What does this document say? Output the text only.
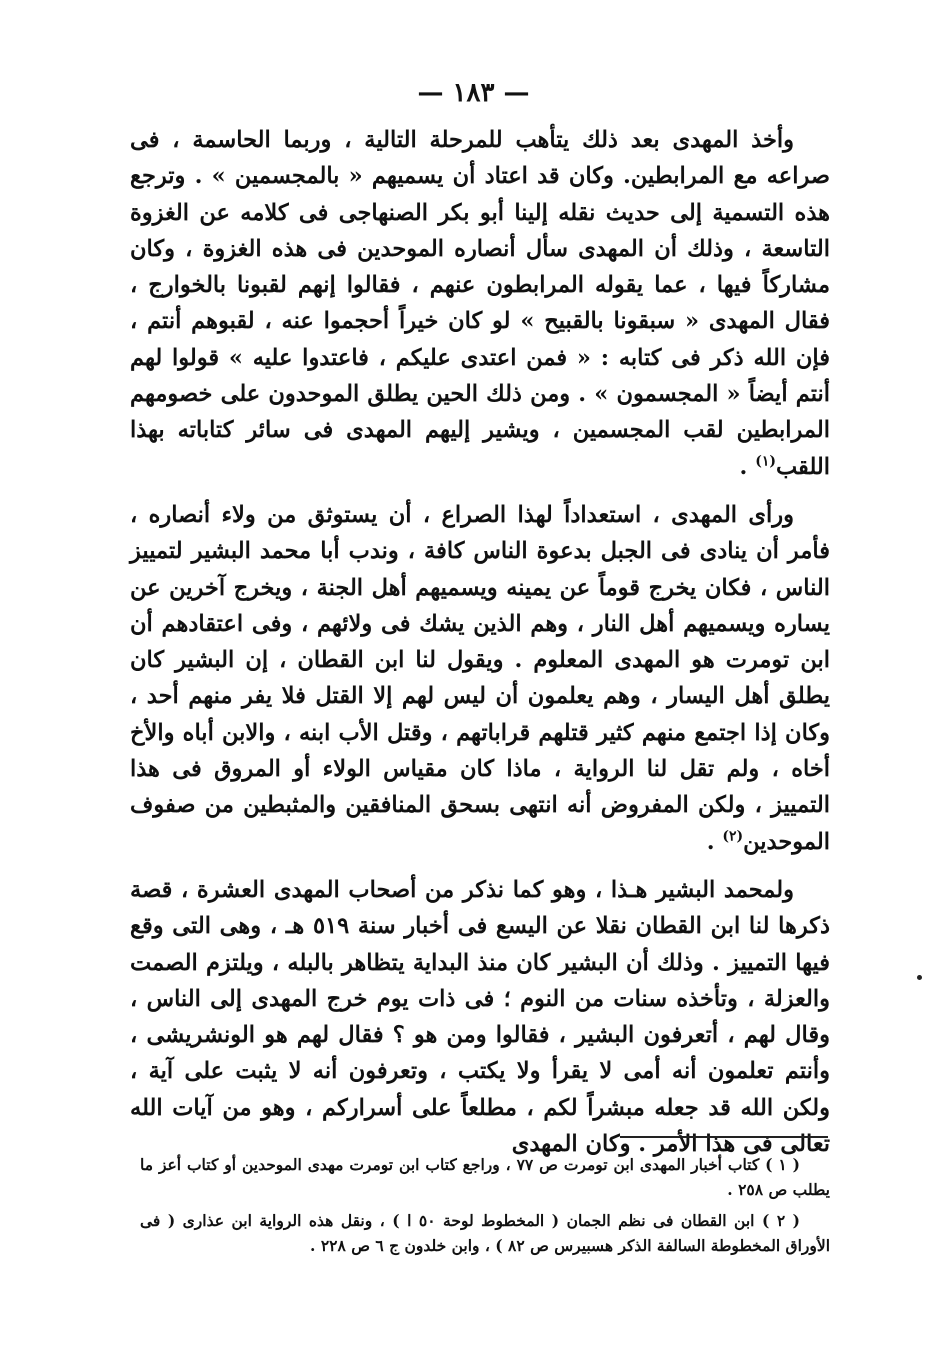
— ١٨٣ —

وأخذ المهدى بعد ذلك يتأهب للمرحلة التالية ، وربما الحاسمة ، فى صراعه مع المرابطين. وكان قد اعتاد أن يسميهم « بالمجسمين » . وترجع هذه التسمية إلى حديث نقله إلينا أبو بكر الصنهاجى فى كلامه عن الغزوة التاسعة ، وذلك أن المهدى سأل أنصاره الموحدين فى هذه الغزوة ، وكان مشاركاً فيها ، عما يقوله المرابطون عنهم ، فقالوا إنهم لقبونا بالخوارج ، فقال المهدى « سبقونا بالقبيح » لو كان خيراً أحجموا عنه ، لقبوهم أنتم ، فإن الله ذكر فى كتابه : « فمن اعتدى عليكم ، فاعتدوا عليه » قولوا لهم أنتم أيضاً « المجسمون » . ومن ذلك الحين يطلق الموحدون على خصومهم المرابطين لقب المجسمين ، ويشير إليهم المهدى فى سائر كتاباته بهذا اللقب$^{(١)}$ .

ورأى المهدى ، استعداداً لهذا الصراع ، أن يستوثق من ولاء أنصاره ، فأمر أن ينادى فى الجبل بدعوة الناس كافة ، وندب أبا محمد البشير لتمييز الناس ، فكان يخرج قوماً عن يمينه ويسميهم أهل الجنة ، ويخرج آخرين عن يساره ويسميهم أهل النار ، وهم الذين يشك فى ولائهم ، وفى اعتقادهم أن ابن تومرت هو المهدى المعلوم . ويقول لنا ابن القطان ، إن البشير كان يطلق أهل اليسار ، وهم يعلمون أن ليس لهم إلا القتل فلا يفر منهم أحد ، وكان إذا اجتمع منهم كثير قتلهم قراباتهم ، وقتل الأب ابنه ، والابن أباه والأخ أخاه ، ولم تقل لنا الرواية ، ماذا كان مقياس الولاء أو المروق فى هذا التمييز ، ولكن المفروض أنه انتهى بسحق المنافقين والمثبطين من صفوف الموحدين$^{(٢)}$ .

ولمحمد البشير هـذا ، وهو كما نذكر من أصحاب المهدى العشرة ، قصة ذكرها لنا ابن القطان نقلا عن اليسع فى أخبار سنة ٥١٩ هـ ، وهى التى وقع فيها التمييز . وذلك أن البشير كان منذ البداية يتظاهر بالبله ، ويلتزم الصمت والعزلة ، وتأخذه سنات من النوم ؛ فى ذات يوم خرج المهدى إلى الناس ، وقال لهم ، أتعرفون البشير ، فقالوا ومن هو ؟ فقال لهم هو الونشريشى ، وأنتم تعلمون أنه أمى لا يقرأ ولا يكتب ، وتعرفون أنه لا يثبت على آية ، ولكن الله قد جعله مبشراً لكم ، مطلعاً على أسراركم ، وهو من آيات الله تعالى فى هذا الأمر . وكان المهدى

( ١ ) كتاب أخبار المهدى ابن تومرت ص ٧٧ ، وراجع كتاب ابن تومرت مهدى الموحدين أو كتاب أعز ما يطلب ص ٢٥٨ .

( ٢ ) ابن القطان فى نظم الجمان ( المخطوط لوحة ٥٠ ا ) ، ونقل هذه الرواية ابن عذارى ( فى الأوراق المخطوطة السالفة الذكر هسبيرس ص ٨٢ ) ، وابن خلدون ج ٦ ص ٢٢٨ .
